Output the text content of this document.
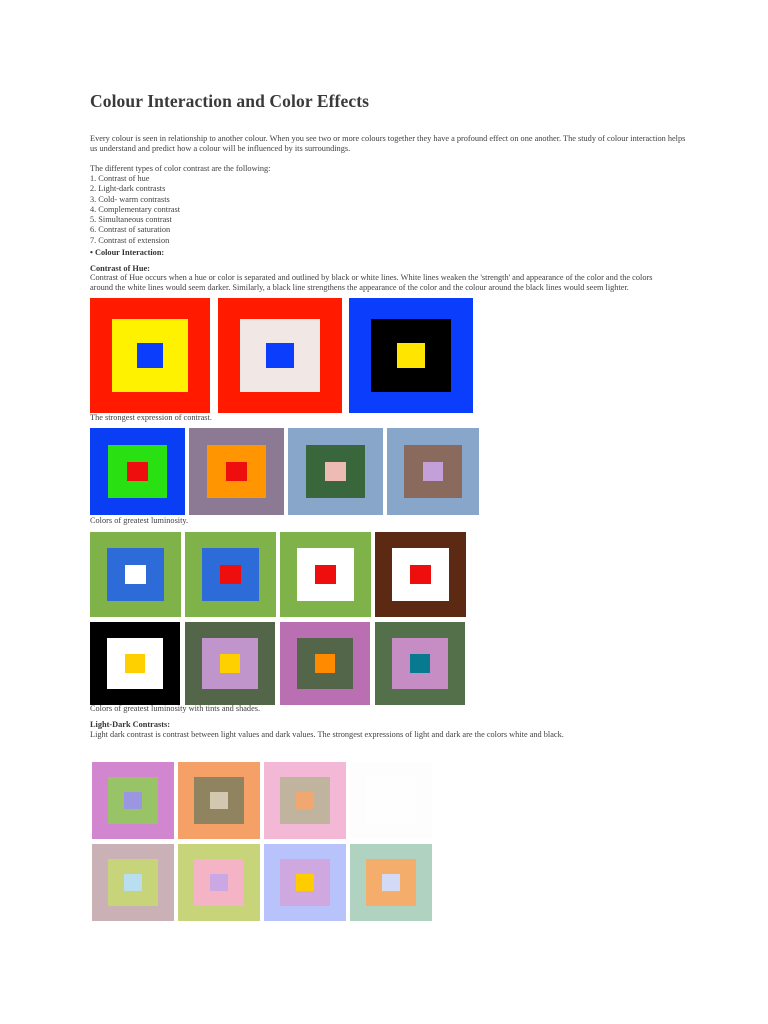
Colour Interaction and Color Effects
Every colour is seen in relationship to another colour. When you see two or more colours together they have a profound effect on one another. The study of colour interaction helps us understand and predict how a colour will be influenced by its surroundings.
The different types of color contrast are the following:
1. Contrast of hue
2. Light-dark contrasts
3. Cold- warm contrasts
4. Complementary contrast
5. Simultaneous contrast
6. Contrast of saturation
7. Contrast of extension
• Colour Interaction:
Contrast of Hue:
Contrast of Hue occurs when a hue or color is separated and outlined by black or white lines. White lines weaken the 'strength' and appearance of the color and the colors around the white lines would seem darker. Similarly, a black line strengthens the appearance of the color and the colour around the black lines would seem lighter.
The strongest expression of contrast.
Colors of greatest luminosity.
Colors of greatest luminosity with tints and shades.
Light-Dark Contrasts:
Light dark contrast is contrast between light values and dark values. The strongest expressions of light and dark are the colors white and black.
